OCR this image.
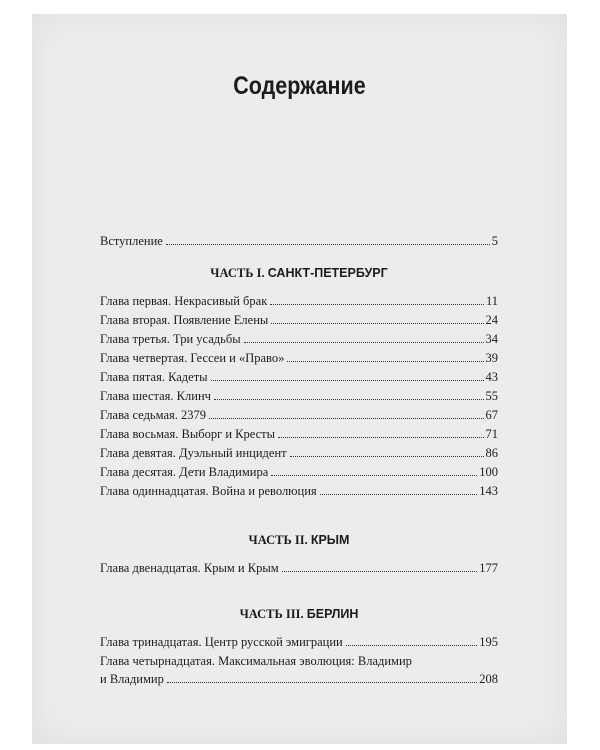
Содержание
Вступление	5
ЧАСТЬ I. САНКТ-ПЕТЕРБУРГ
Глава первая. Некрасивый брак	11
Глава вторая. Появление Елены	24
Глава третья. Три усадьбы	34
Глава четвертая. Гессеи и «Право»	39
Глава пятая. Кадеты	43
Глава шестая. Клинч	55
Глава седьмая. 2379	67
Глава восьмая. Выборг и Кресты	71
Глава девятая. Дуэльный инцидент	86
Глава десятая. Дети Владимира	100
Глава одиннадцатая. Война и революция	143
ЧАСТЬ II. КРЫМ
Глава двенадцатая. Крым и Крым	177
ЧАСТЬ III. БЕРЛИН
Глава тринадцатая. Центр русской эмиграции	195
Глава четырнадцатая. Максимальная эволюция: Владимир
и Владимир	208
